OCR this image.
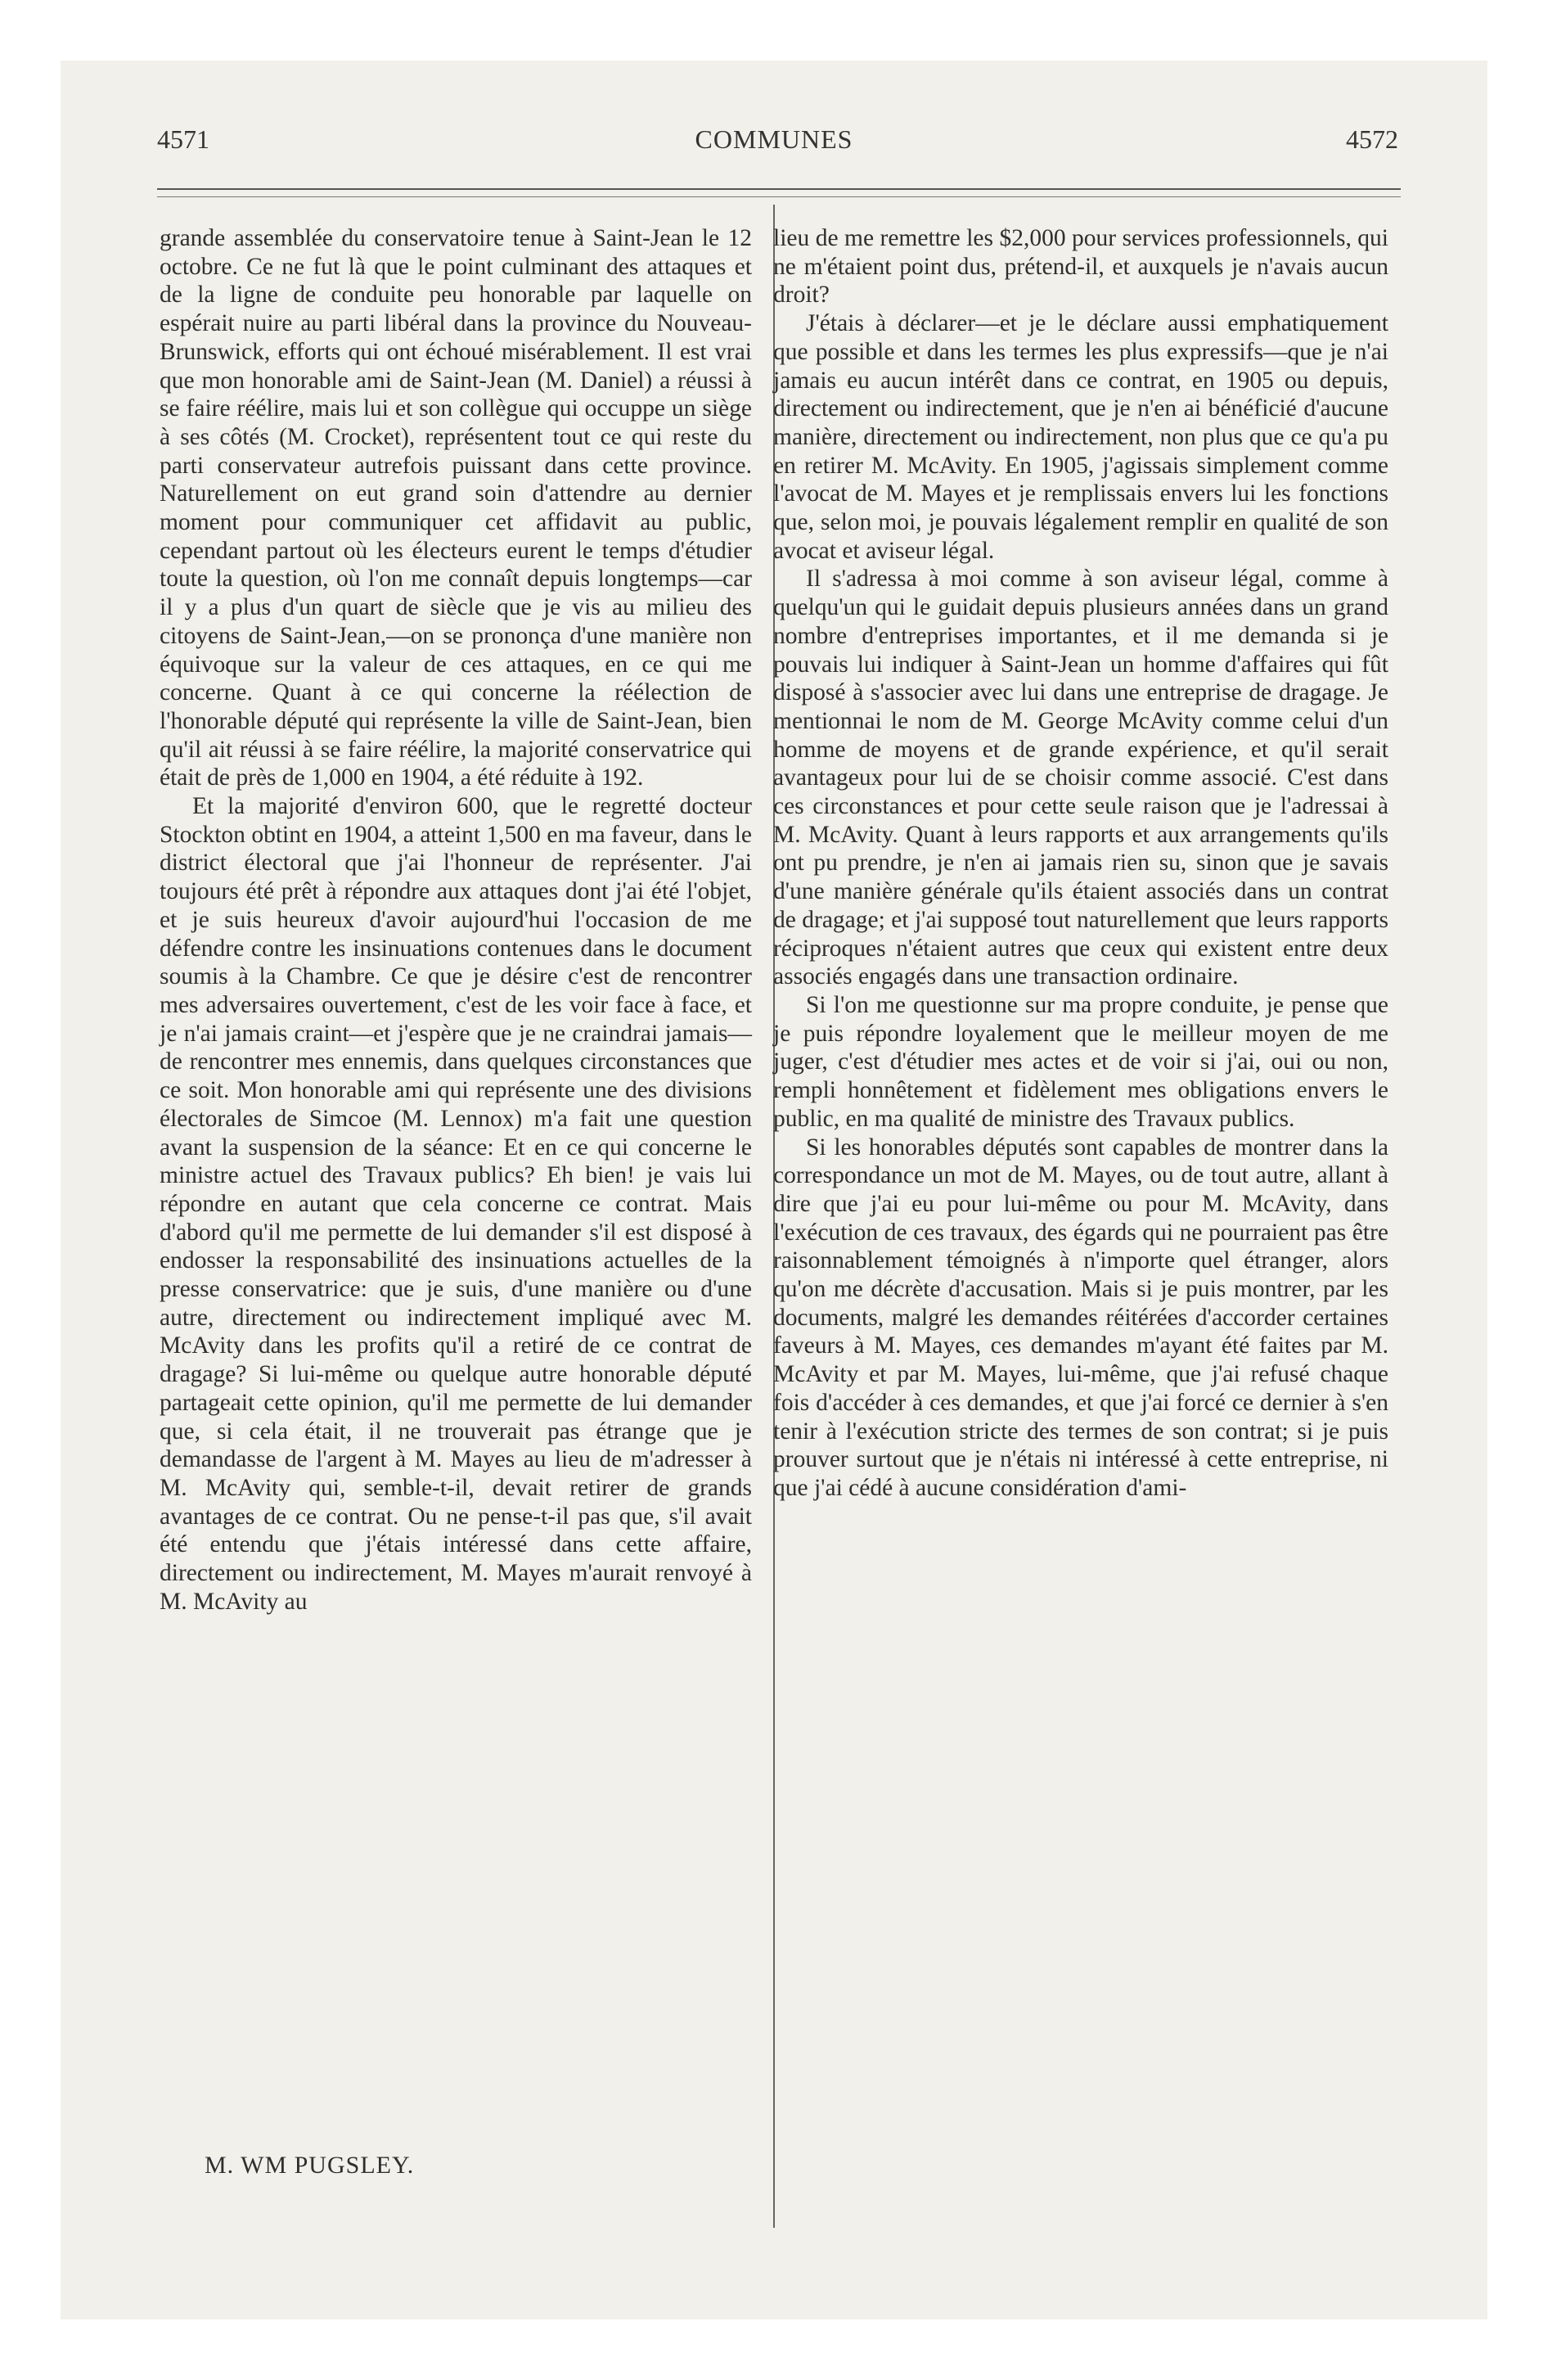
4571	COMMUNES	4572

grande assemblée du conservatoire tenue à Saint-Jean le 12 octobre. Ce ne fut là que le point culminant des attaques et de la ligne de conduite peu honorable par laquelle on espérait nuire au parti libéral dans la province du Nouveau-Brunswick, efforts qui ont échoué misérablement. Il est vrai que mon honorable ami de Saint-Jean (M. Daniel) a réussi à se faire réélire, mais lui et son collègue qui occuppe un siège à ses côtés (M. Crocket), représentent tout ce qui reste du parti conservateur autrefois puissant dans cette province. Naturellement on eut grand soin d'attendre au dernier moment pour communiquer cet affidavit au public, cependant partout où les électeurs eurent le temps d'étudier toute la question, où l'on me connaît depuis longtemps—car il y a plus d'un quart de siècle que je vis au milieu des citoyens de Saint-Jean,—on se prononça d'une manière non équivoque sur la valeur de ces attaques, en ce qui me concerne. Quant à ce qui concerne la réélection de l'honorable député qui représente la ville de Saint-Jean, bien qu'il ait réussi à se faire réélire, la majorité conservatrice qui était de près de 1,000 en 1904, a été réduite à 192.

Et la majorité d'environ 600, que le regretté docteur Stockton obtint en 1904, a atteint 1,500 en ma faveur, dans le district électoral que j'ai l'honneur de représenter. J'ai toujours été prêt à répondre aux attaques dont j'ai été l'objet, et je suis heureux d'avoir aujourd'hui l'occasion de me défendre contre les insinuations contenues dans le document soumis à la Chambre. Ce que je désire c'est de rencontrer mes adversaires ouvertement, c'est de les voir face à face, et je n'ai jamais craint—et j'espère que je ne craindrai jamais—de rencontrer mes ennemis, dans quelques circonstances que ce soit. Mon honorable ami qui représente une des divisions électorales de Simcoe (M. Lennox) m'a fait une question avant la suspension de la séance: Et en ce qui concerne le ministre actuel des Travaux publics? Eh bien! je vais lui répondre en autant que cela concerne ce contrat. Mais d'abord qu'il me permette de lui demander s'il est disposé à endosser la responsabilité des insinuations actuelles de la presse conservatrice: que je suis, d'une manière ou d'une autre, directement ou indirectement impliqué avec M. McAvity dans les profits qu'il a retiré de ce contrat de dragage? Si lui-même ou quelque autre honorable député partageait cette opinion, qu'il me permette de lui demander que, si cela était, il ne trouverait pas étrange que je demandasse de l'argent à M. Mayes au lieu de m'adresser à M. McAvity qui, semble-t-il, devait retirer de grands avantages de ce contrat. Ou ne pense-t-il pas que, s'il avait été entendu que j'étais intéressé dans cette affaire, directement ou indirectement, M. Mayes m'aurait renvoyé à M. McAvity au

lieu de me remettre les $2,000 pour services professionnels, qui ne m'étaient point dus, prétend-il, et auxquels je n'avais aucun droit?

J'étais à déclarer—et je le déclare aussi emphatiquement que possible et dans les termes les plus expressifs—que je n'ai jamais eu aucun intérêt dans ce contrat, en 1905 ou depuis, directement ou indirectement, que je n'en ai bénéficié d'aucune manière, directement ou indirectement, non plus que ce qu'a pu en retirer M. McAvity. En 1905, j'agissais simplement comme l'avocat de M. Mayes et je remplissais envers lui les fonctions que, selon moi, je pouvais légalement remplir en qualité de son avocat et aviseur légal.

Il s'adressa à moi comme à son aviseur légal, comme à quelqu'un qui le guidait depuis plusieurs années dans un grand nombre d'entreprises importantes, et il me demanda si je pouvais lui indiquer à Saint-Jean un homme d'affaires qui fût disposé à s'associer avec lui dans une entreprise de dragage. Je mentionnai le nom de M. George McAvity comme celui d'un homme de moyens et de grande expérience, et qu'il serait avantageux pour lui de se choisir comme associé. C'est dans ces circonstances et pour cette seule raison que je l'adressai à M. McAvity. Quant à leurs rapports et aux arrangements qu'ils ont pu prendre, je n'en ai jamais rien su, sinon que je savais d'une manière générale qu'ils étaient associés dans un contrat de dragage; et j'ai supposé tout naturellement que leurs rapports réciproques n'étaient autres que ceux qui existent entre deux associés engagés dans une transaction ordinaire.

Si l'on me questionne sur ma propre conduite, je pense que je puis répondre loyalement que le meilleur moyen de me juger, c'est d'étudier mes actes et de voir si j'ai, oui ou non, rempli honnêtement et fidèlement mes obligations envers le public, en ma qualité de ministre des Travaux publics.

Si les honorables députés sont capables de montrer dans la correspondance un mot de M. Mayes, ou de tout autre, allant à dire que j'ai eu pour lui-même ou pour M. McAvity, dans l'exécution de ces travaux, des égards qui ne pourraient pas être raisonnablement témoignés à n'importe quel étranger, alors qu'on me décrète d'accusation. Mais si je puis montrer, par les documents, malgré les demandes réitérées d'accorder certaines faveurs à M. Mayes, ces demandes m'ayant été faites par M. McAvity et par M. Mayes, lui-même, que j'ai refusé chaque fois d'accéder à ces demandes, et que j'ai forcé ce dernier à s'en tenir à l'exécution stricte des termes de son contrat; si je puis prouver surtout que je n'étais ni intéressé à cette entreprise, ni que j'ai cédé à aucune considération d'ami-

M. WM PUGSLEY.
